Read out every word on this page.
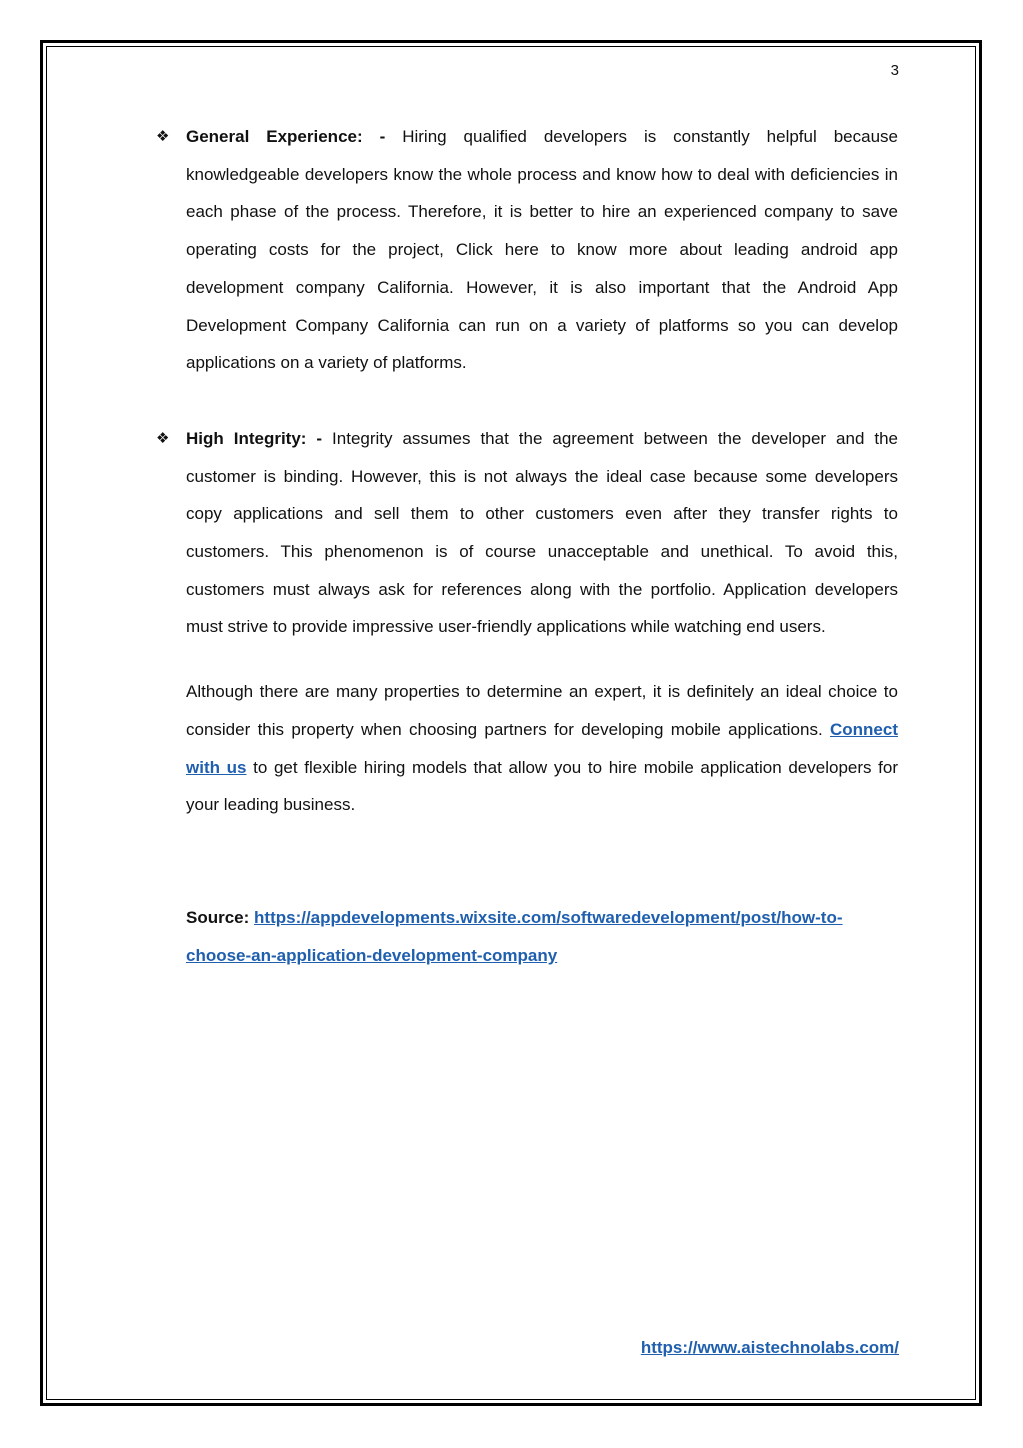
3
❖ General Experience: - Hiring qualified developers is constantly helpful because knowledgeable developers know the whole process and know how to deal with deficiencies in each phase of the process. Therefore, it is better to hire an experienced company to save operating costs for the project, Click here to know more about leading android app development company California. However, it is also important that the Android App Development Company California can run on a variety of platforms so you can develop applications on a variety of platforms.
❖ High Integrity: - Integrity assumes that the agreement between the developer and the customer is binding. However, this is not always the ideal case because some developers copy applications and sell them to other customers even after they transfer rights to customers. This phenomenon is of course unacceptable and unethical. To avoid this, customers must always ask for references along with the portfolio. Application developers must strive to provide impressive user-friendly applications while watching end users.
Although there are many properties to determine an expert, it is definitely an ideal choice to consider this property when choosing partners for developing mobile applications. Connect with us to get flexible hiring models that allow you to hire mobile application developers for your leading business.
Source: https://appdevelopments.wixsite.com/softwaredevelopment/post/how-to-choose-an-application-development-company
https://www.aistechnolabs.com/
